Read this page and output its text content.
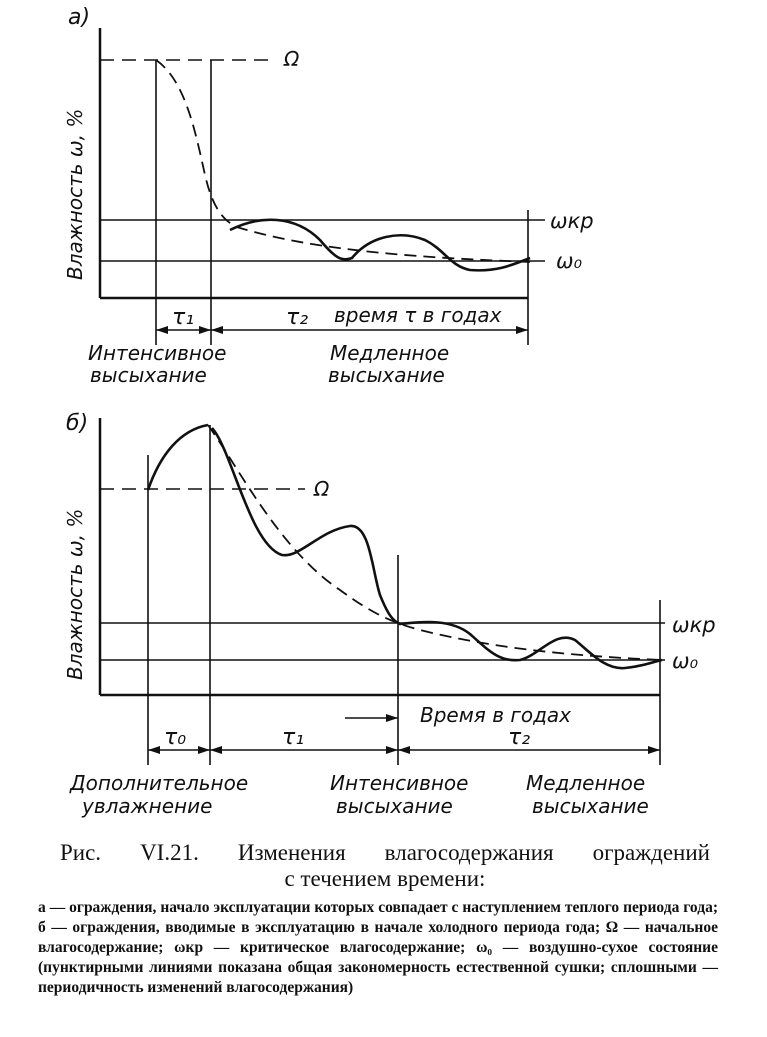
a)
Влажность ω, %
Ω
ωкр
ω₀
τ₁	τ₂ время τ в годах
Интенсивное
высыхание
Медленное
высыхание
б)
Влажность ω, %
Ω
ωкр
ω₀
Время в годах
τ₀	τ₁	τ₂
Дополнительное
увлажнение
Интенсивное
высыхание
Медленное
высыхание
Рис. VI.21. Изменения влагосодержания ограждений
с течением времени:
а — ограждения, начало эксплуатации которых совпадает с наступлением теплого периода года; б — ограждения, вводимые в эксплуатацию в начале холодного периода года; Ω — начальное влагосодержание; ωкр — критическое влагосодержание; ω₀ — воздушно-сухое состояние (пунктирными линиями показана общая закономерность естественной сушки; сплошными — периодичность изменений влагосодержания)
